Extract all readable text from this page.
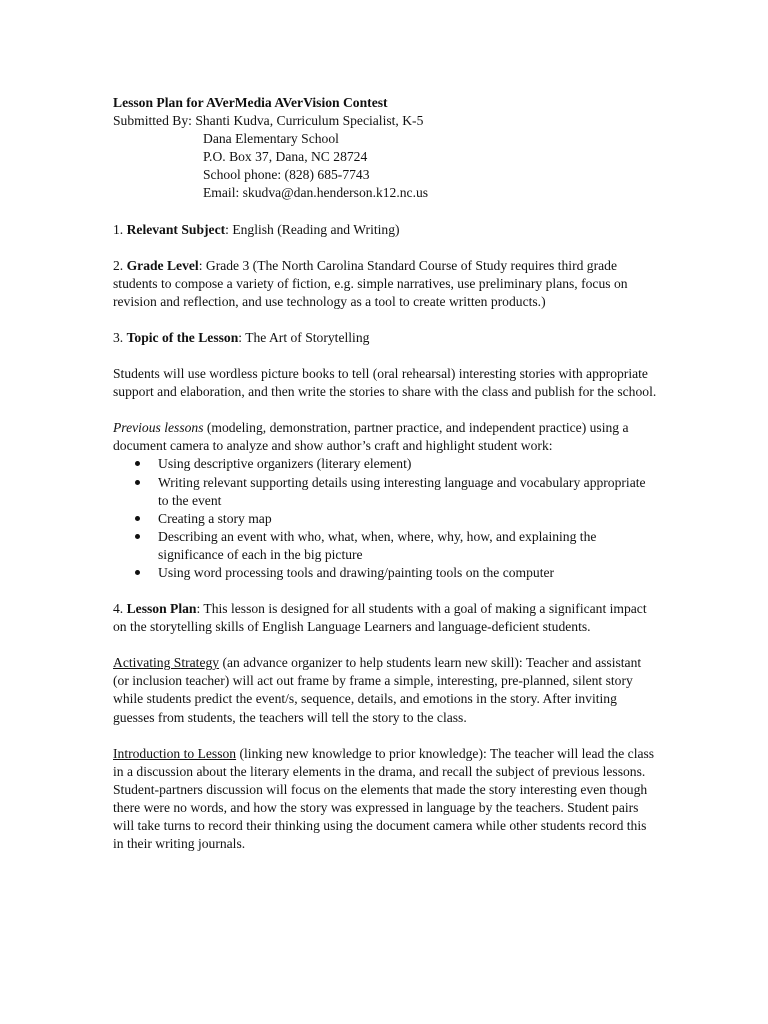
Lesson Plan for AVerMedia AVerVision Contest

Submitted By: Shanti Kudva, Curriculum Specialist, K-5

Dana Elementary School

P.O. Box 37, Dana, NC 28724

School phone: (828) 685-7743

Email: skudva@dan.henderson.k12.nc.us

1. Relevant Subject: English (Reading and Writing)

2. Grade Level: Grade 3 (The North Carolina Standard Course of Study requires third grade students to compose a variety of fiction, e.g. simple narratives, use preliminary plans, focus on revision and reflection, and use technology as a tool to create written products.)

3. Topic of the Lesson: The Art of Storytelling

Students will use wordless picture books to tell (oral rehearsal) interesting stories with appropriate support and elaboration, and then write the stories to share with the class and publish for the school.

Previous lessons (modeling, demonstration, partner practice, and independent practice) using a document camera to analyze and show author’s craft and highlight student work:

Using descriptive organizers (literary element)
Writing relevant supporting details using interesting language and vocabulary appropriate to the event
Creating a story map
Describing an event with who, what, when, where, why, how, and explaining the significance of each in the big picture
Using word processing tools and drawing/painting tools on the computer

4. Lesson Plan: This lesson is designed for all students with a goal of making a significant impact on the storytelling skills of English Language Learners and language-deficient students.

Activating Strategy (an advance organizer to help students learn new skill): Teacher and assistant (or inclusion teacher) will act out frame by frame a simple, interesting, pre-planned, silent story while students predict the event/s, sequence, details, and emotions in the story. After inviting guesses from students, the teachers will tell the story to the class.

Introduction to Lesson (linking new knowledge to prior knowledge): The teacher will lead the class in a discussion about the literary elements in the drama, and recall the subject of previous lessons. Student-partners discussion will focus on the elements that made the story interesting even though there were no words, and how the story was expressed in language by the teachers. Student pairs will take turns to record their thinking using the document camera while other students record this in their writing journals.
